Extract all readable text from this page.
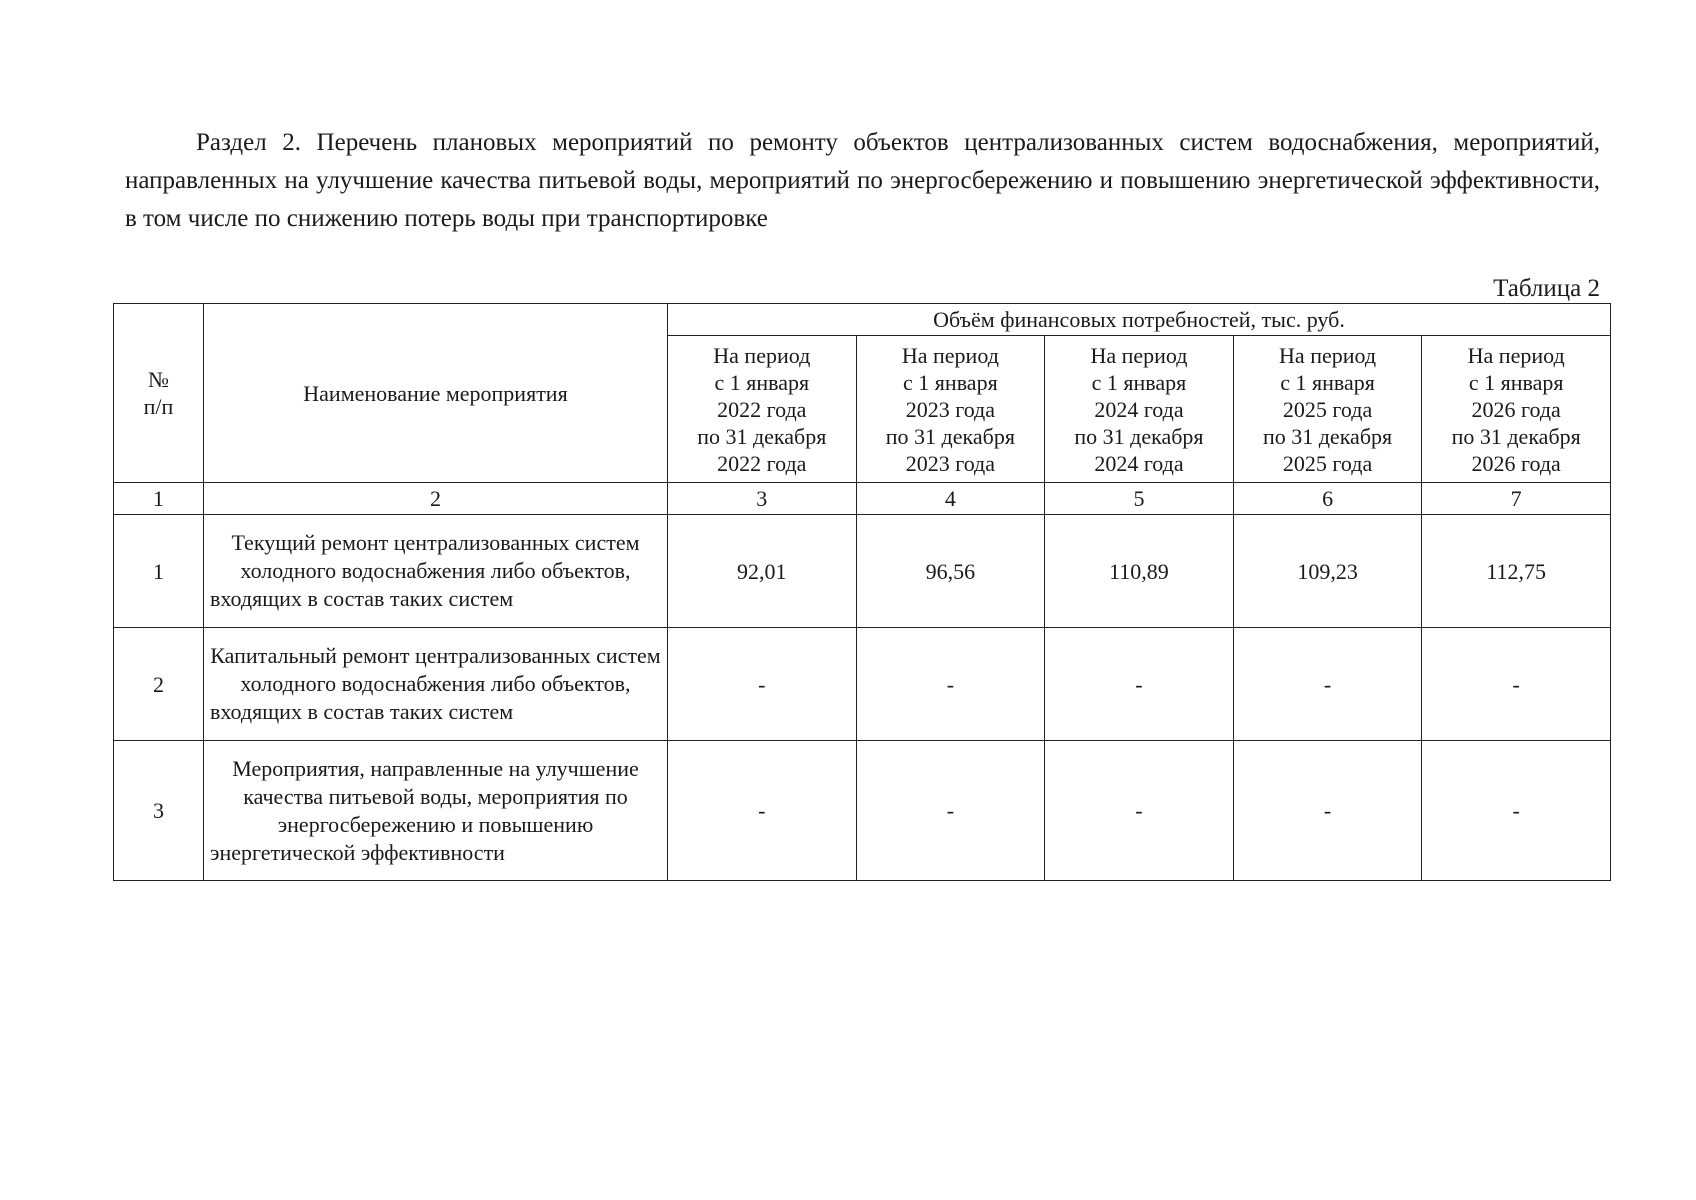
Раздел 2. Перечень плановых мероприятий по ремонту объектов централизованных систем водоснабжения, мероприятий, направленных на улучшение качества питьевой воды, мероприятий по энергосбережению и повышению энергетической эффективности, в том числе по снижению потерь воды при транспортировке

Таблица 2

№
п/п	Наименование мероприятия	Объём финансовых потребностей, тыс. руб.				
		На период
с 1 января
2022 года
по 31 декабря
2022 года	На период
с 1 января
2023 года
по 31 декабря
2023 года	На период
с 1 января
2024 года
по 31 декабря
2024 года	На период
с 1 января
2025 года
по 31 декабря
2025 года	На период
с 1 января
2026 года
по 31 декабря
2026 года
1	2	3	4	5	6	7
1	Текущий ремонт централизованных систем холодного водоснабжения либо объектов, входящих в состав таких систем	92,01	96,56	110,89	109,23	112,75
2	Капитальный ремонт централизованных систем холодного водоснабжения либо объектов, входящих в состав таких систем	-	-	-	-	-
3	Мероприятия, направленные на улучшение качества питьевой воды, мероприятия по энергосбережению и повышению энергетической эффективности	-	-	-	-	-
